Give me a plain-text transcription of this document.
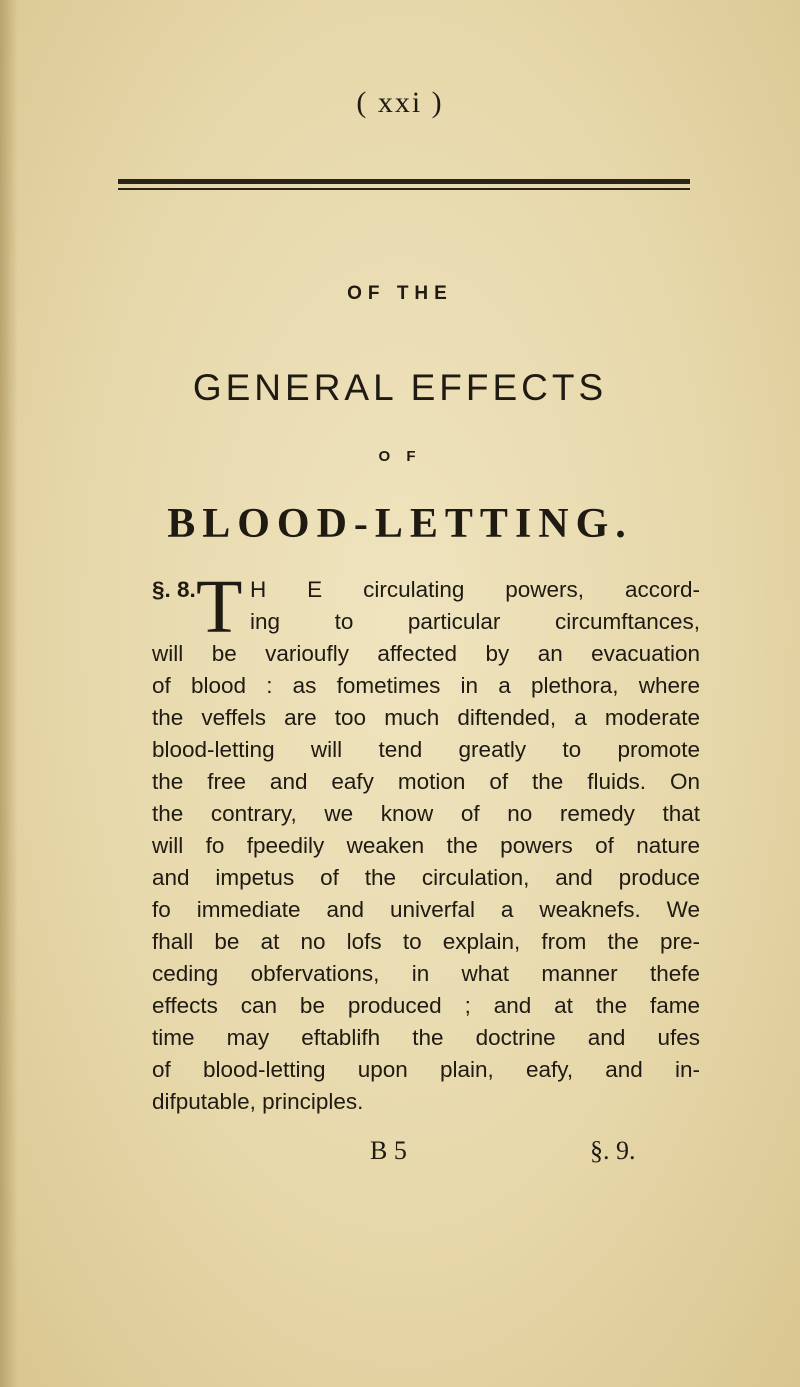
( xxi )
OF THE
GENERAL EFFECTS
O F
BLOOD-LETTING.
§. 8. T H E circulating powers, accord-
ing to particular circumftances,
will be varioufly affected by an evacuation
of blood : as fometimes in a plethora, where
the veffels are too much diftended, a moderate
blood-letting will tend greatly to promote
the free and eafy motion of the fluids. On
the contrary, we know of no remedy that
will fo fpeedily weaken the powers of nature
and impetus of the circulation, and produce
fo immediate and univerfal a weaknefs. We
fhall be at no lofs to explain, from the pre-
ceding obfervations, in what manner thefe
effects can be produced ; and at the fame
time may eftablifh the doctrine and ufes
of blood-letting upon plain, eafy, and in-
difputable, principles.
B 5	§. 9.
